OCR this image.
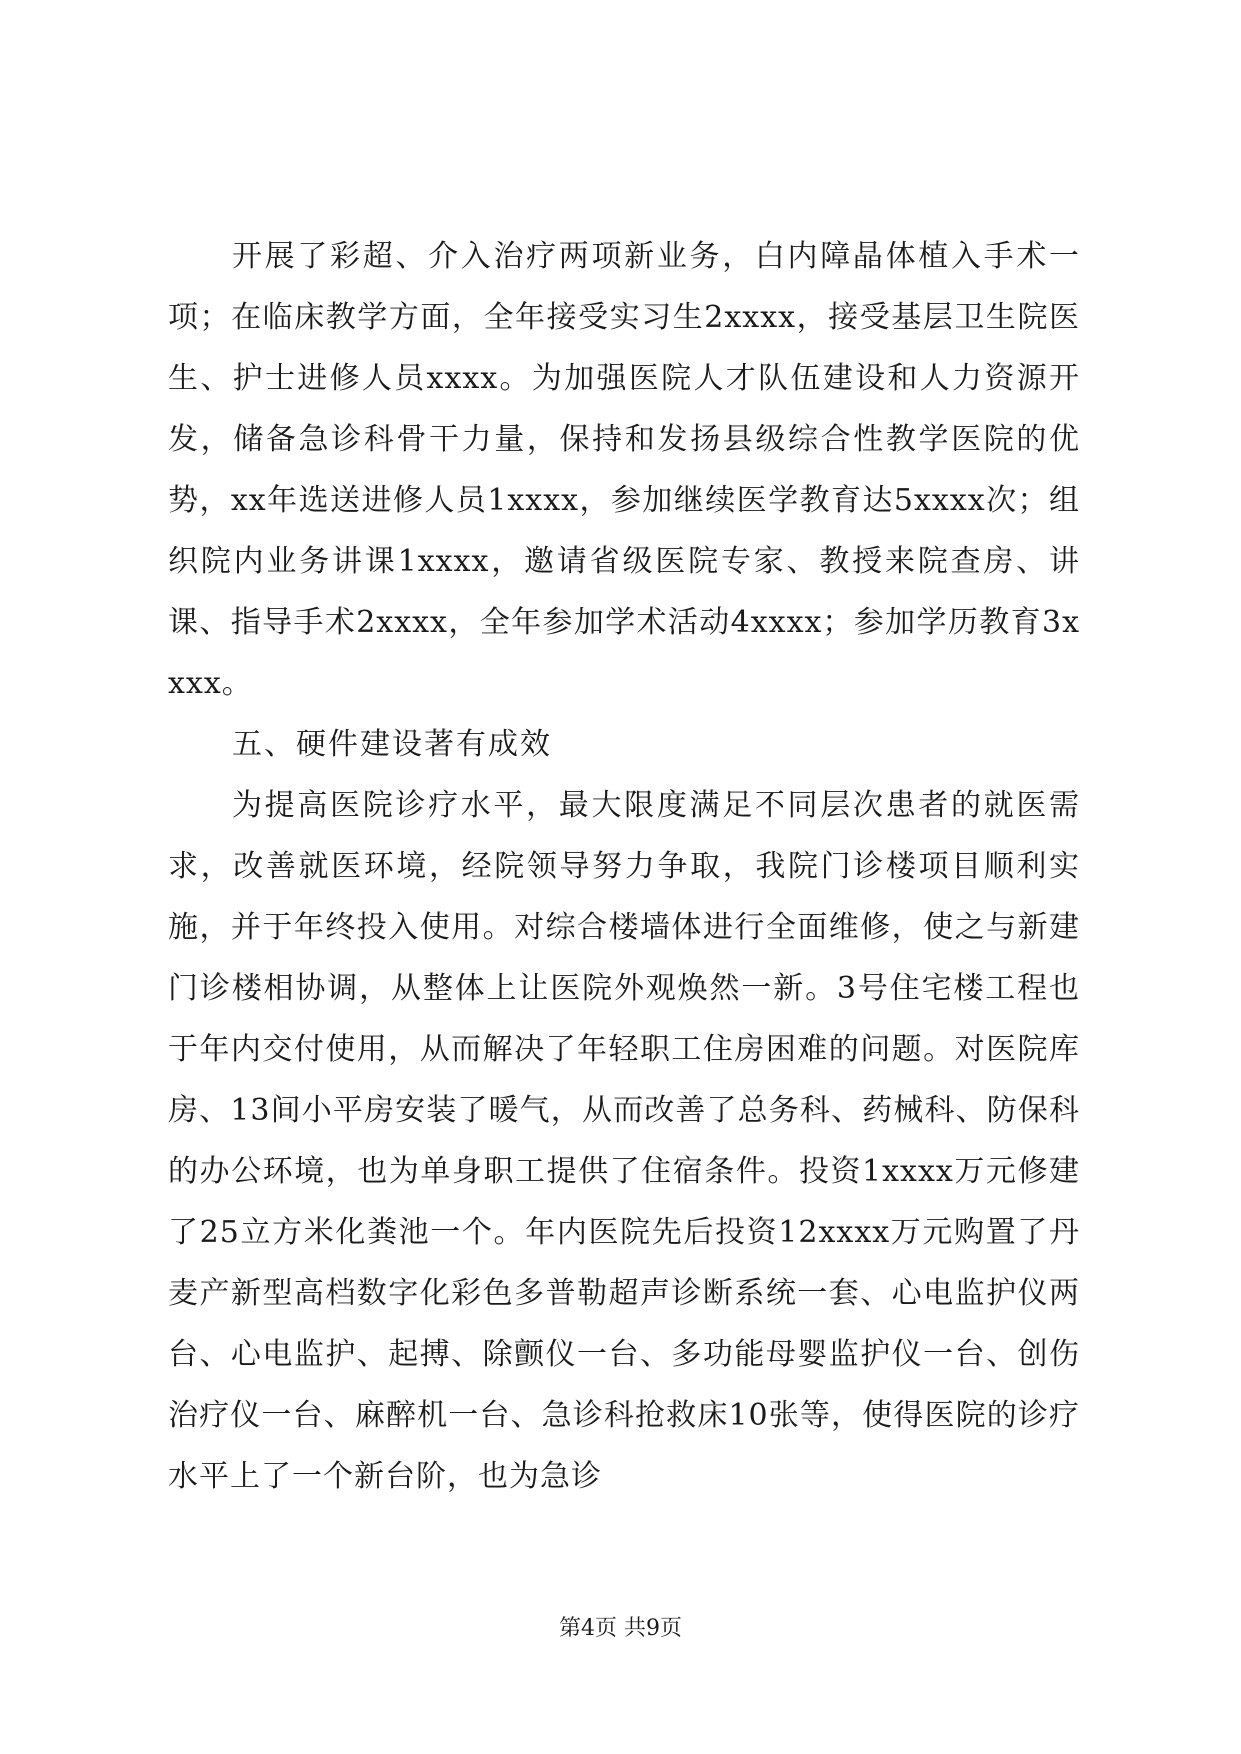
开展了彩超、介入治疗两项新业务，白内障晶体植入手术一项；在临床教学方面，全年接受实习生2xxxx，接受基层卫生院医生、护士进修人员xxxx。为加强医院人才队伍建设和人力资源开发，储备急诊科骨干力量，保持和发扬县级综合性教学医院的优势，xx年选送进修人员1xxxx，参加继续医学教育达5xxxx次；组织院内业务讲课1xxxx，邀请省级医院专家、教授来院查房、讲课、指导手术2xxxx，全年参加学术活动4xxxx；参加学历教育3xxxx。

五、硬件建设著有成效

为提高医院诊疗水平，最大限度满足不同层次患者的就医需求，改善就医环境，经院领导努力争取，我院门诊楼项目顺利实施，并于年终投入使用。对综合楼墙体进行全面维修，使之与新建门诊楼相协调，从整体上让医院外观焕然一新。3号住宅楼工程也于年内交付使用，从而解决了年轻职工住房困难的问题。对医院库房、13间小平房安装了暖气，从而改善了总务科、药械科、防保科的办公环境，也为单身职工提供了住宿条件。投资1xxxx万元修建了25立方米化粪池一个。年内医院先后投资12xxxx万元购置了丹麦产新型高档数字化彩色多普勒超声诊断系统一套、心电监护仪两台、心电监护、起搏、除颤仪一台、多功能母婴监护仪一台、创伤治疗仪一台、麻醉机一台、急诊科抢救床10张等，使得医院的诊疗水平上了一个新台阶，也为急诊

第4页 共9页
